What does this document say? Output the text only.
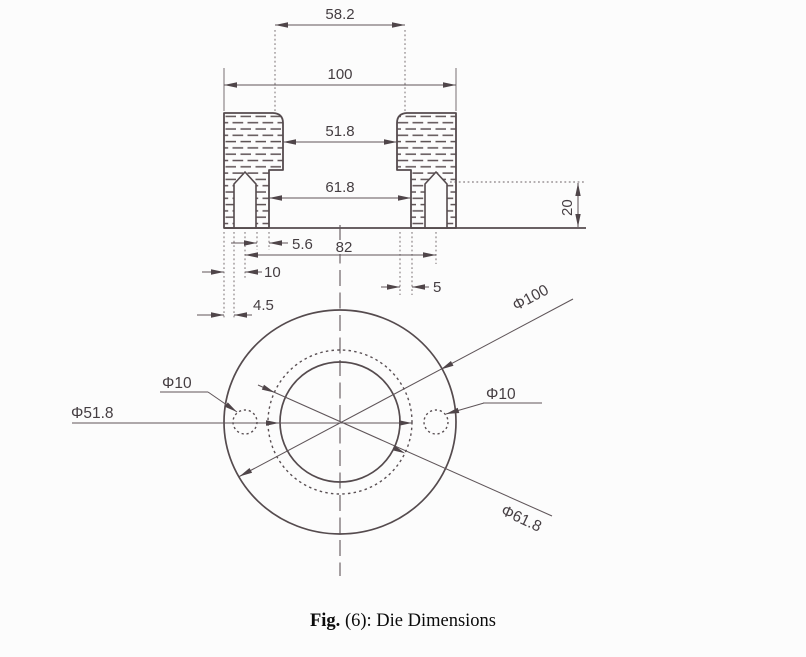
58.2
100
51.8
61.8
20
5.6 82
10
5
4.5
Φ51.8
Φ100
Φ61.8
Φ10
Φ10
Fig. (6): Die Dimensions
